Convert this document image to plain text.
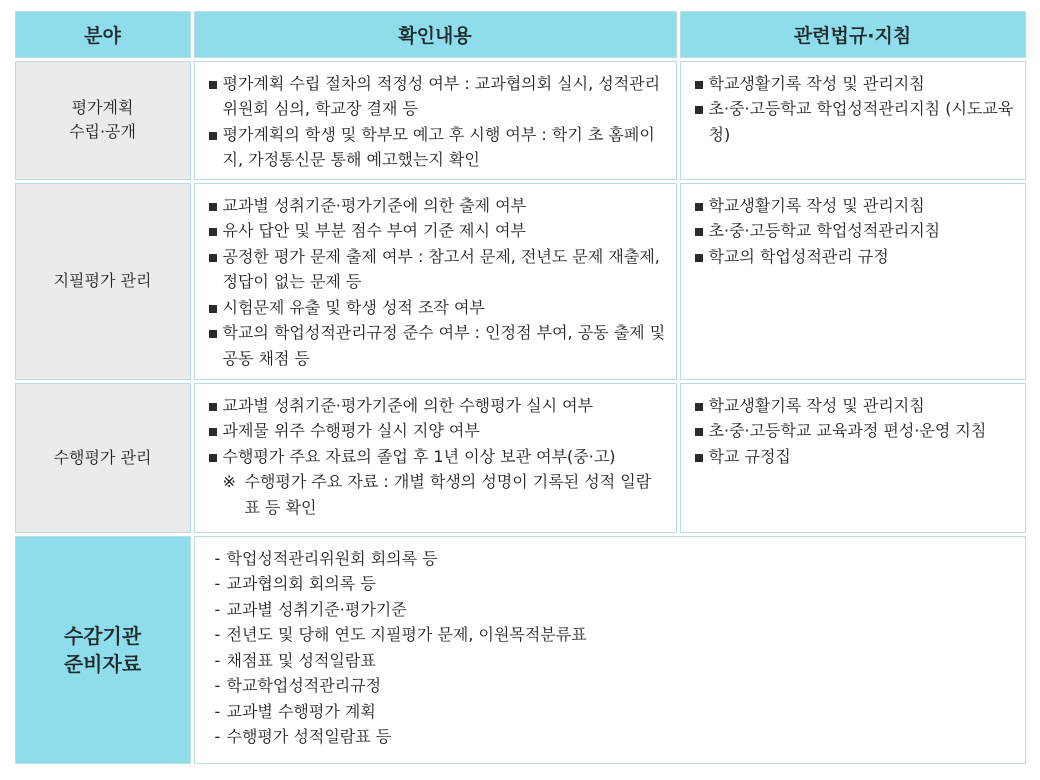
분야	확인내용	관련법규·지침
평가계획
수립·공개
평가계획 수립 절차의 적정성 여부 : 교과협의회 실시, 성적관리위원회 심의, 학교장 결재 등
평가계획의 학생 및 학부모 예고 후 시행 여부 : 학기 초 홈페이지, 가정통신문 통해 예고했는지 확인
학교생활기록 작성 및 관리지침
초·중·고등학교 학업성적관리지침 (시도교육청)
지필평가 관리
교과별 성취기준·평가기준에 의한 출제 여부
유사 답안 및 부분 점수 부여 기준 제시 여부
공정한 평가 문제 출제 여부 : 참고서 문제, 전년도 문제 재출제, 정답이 없는 문제 등
시험문제 유출 및 학생 성적 조작 여부
학교의 학업성적관리규정 준수 여부 : 인정점 부여, 공동 출제 및 공동 채점 등
학교생활기록 작성 및 관리지침
초·중·고등학교 학업성적관리지침
학교의 학업성적관리 규정
수행평가 관리
교과별 성취기준·평가기준에 의한 수행평가 실시 여부
과제물 위주 수행평가 실시 지양 여부
수행평가 주요 자료의 졸업 후 1년 이상 보관 여부(중·고)
※ 수행평가 주요 자료 : 개별 학생의 성명이 기록된 성적 일람표 등 확인
학교생활기록 작성 및 관리지침
초·중·고등학교 교육과정 편성·운영 지침
학교 규정집
수감기관
준비자료
- 학업성적관리위원회 회의록 등
- 교과협의회 회의록 등
- 교과별 성취기준·평가기준
- 전년도 및 당해 연도 지필평가 문제, 이원목적분류표
- 채점표 및 성적일람표
- 학교학업성적관리규정
- 교과별 수행평가 계획
- 수행평가 성적일람표 등
